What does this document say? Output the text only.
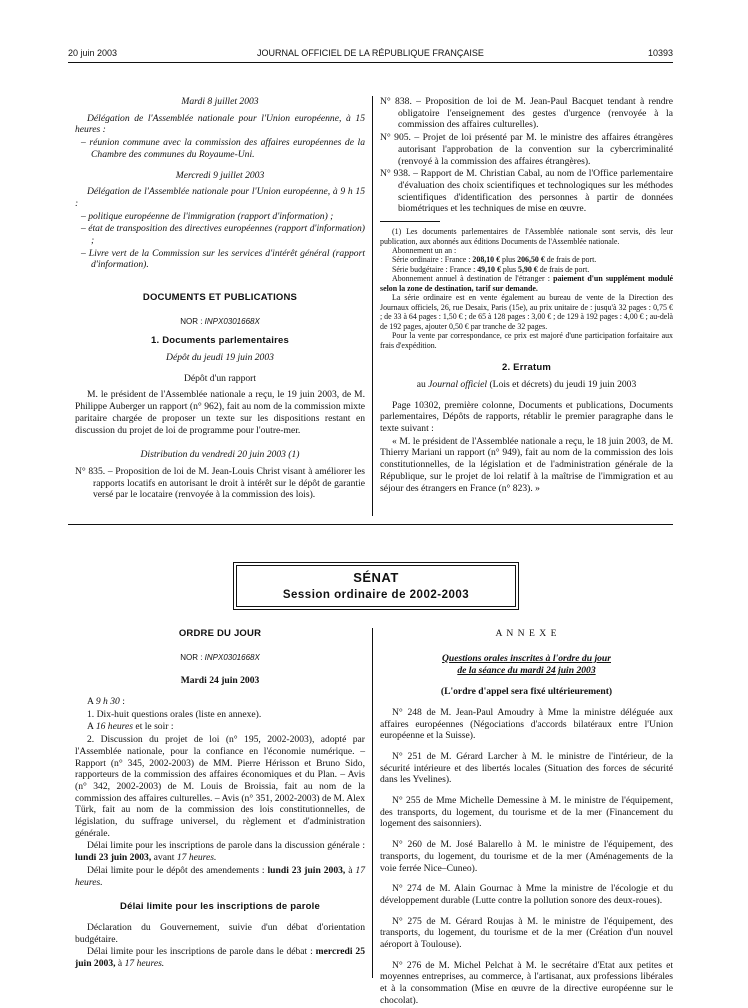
20 juin 2003	JOURNAL OFFICIEL DE LA RÉPUBLIQUE FRANÇAISE	10393

Mardi 8 juillet 2003

Délégation de l'Assemblée nationale pour l'Union européenne, à 15 heures :

– réunion commune avec la commission des affaires européennes de la Chambre des communes du Royaume-Uni.

Mercredi 9 juillet 2003

Délégation de l'Assemblée nationale pour l'Union européenne, à 9 h 15 :

– politique européenne de l'immigration (rapport d'information) ;

– état de transposition des directives européennes (rapport d'information) ;

– Livre vert de la Commission sur les services d'intérêt général (rapport d'information).

DOCUMENTS ET PUBLICATIONS

NOR : INPX0301668X

1. Documents parlementaires

Dépôt du jeudi 19 juin 2003

Dépôt d'un rapport

M. le président de l'Assemblée nationale a reçu, le 19 juin 2003, de M. Philippe Auberger un rapport (n° 962), fait au nom de la commission mixte paritaire chargée de proposer un texte sur les dispositions restant en discussion du projet de loi de programme pour l'outre-mer.

Distribution du vendredi 20 juin 2003 (1)

N° 835. – Proposition de loi de M. Jean-Louis Christ visant à améliorer les rapports locatifs en autorisant le droit à intérêt sur le dépôt de garantie versé par le locataire (renvoyée à la commission des lois).

N° 838. – Proposition de loi de M. Jean-Paul Bacquet tendant à rendre obligatoire l'enseignement des gestes d'urgence (renvoyée à la commission des affaires culturelles).

N° 905. – Projet de loi présenté par M. le ministre des affaires étrangères autorisant l'approbation de la convention sur la cybercriminalité (renvoyé à la commission des affaires étrangères).

N° 938. – Rapport de M. Christian Cabal, au nom de l'Office parlementaire d'évaluation des choix scientifiques et technologiques sur les méthodes scientifiques d'identification des personnes à partir de données biométriques et les techniques de mise en œuvre.

(1) Les documents parlementaires de l'Assemblée nationale sont servis, dès leur publication, aux abonnés aux éditions Documents de l'Assemblée nationale.

Abonnement un an :

Série ordinaire : France : 208,10 € plus 206,50 € de frais de port.

Série budgétaire : France : 49,10 € plus 5,90 € de frais de port.

Abonnement annuel à destination de l'étranger : paiement d'un supplément modulé selon la zone de destination, tarif sur demande.

La série ordinaire est en vente également au bureau de vente de la Direction des Journaux officiels, 26, rue Desaix, Paris (15e), au prix unitaire de : jusqu'à 32 pages : 0,75 € ; de 33 à 64 pages : 1,50 € ; de 65 à 128 pages : 3,00 € ; de 129 à 192 pages : 4,00 € ; au-delà de 192 pages, ajouter 0,50 € par tranche de 32 pages.

Pour la vente par correspondance, ce prix est majoré d'une participation forfaitaire aux frais d'expédition.

2. Erratum

au Journal officiel (Lois et décrets) du jeudi 19 juin 2003

Page 10302, première colonne, Documents et publications, Documents parlementaires, Dépôts de rapports, rétablir le premier paragraphe dans le texte suivant :

« M. le président de l'Assemblée nationale a reçu, le 18 juin 2003, de M. Thierry Mariani un rapport (n° 949), fait au nom de la commission des lois constitutionnelles, de la législation et de l'administration générale de la République, sur le projet de loi relatif à la maîtrise de l'immigration et au séjour des étrangers en France (n° 823). »

SÉNAT
Session ordinaire de 2002-2003

ORDRE DU JOUR

NOR : INPX0301668X

Mardi 24 juin 2003

A 9 h 30 :

1. Dix-huit questions orales (liste en annexe).

A 16 heures et le soir :

2. Discussion du projet de loi (n° 195, 2002-2003), adopté par l'Assemblée nationale, pour la confiance en l'économie numérique. – Rapport (n° 345, 2002-2003) de MM. Pierre Hérisson et Bruno Sido, rapporteurs de la commission des affaires économiques et du Plan. – Avis (n° 342, 2002-2003) de M. Louis de Broissia, fait au nom de la commission des affaires culturelles. – Avis (n° 351, 2002-2003) de M. Alex Türk, fait au nom de la commission des lois constitutionnelles, de législation, du suffrage universel, du règlement et d'administration générale.

Délai limite pour les inscriptions de parole dans la discussion générale : lundi 23 juin 2003, avant 17 heures.

Délai limite pour le dépôt des amendements : lundi 23 juin 2003, à 17 heures.

Délai limite pour les inscriptions de parole

Déclaration du Gouvernement, suivie d'un débat d'orientation budgétaire.

Délai limite pour les inscriptions de parole dans le débat : mercredi 25 juin 2003, à 17 heures.

A N N E X E

Questions orales inscrites à l'ordre du jour

de la séance du mardi 24 juin 2003

(L'ordre d'appel sera fixé ultérieurement)

N° 248 de M. Jean-Paul Amoudry à Mme la ministre déléguée aux affaires européennes (Négociations d'accords bilatéraux entre l'Union européenne et la Suisse).

N° 251 de M. Gérard Larcher à M. le ministre de l'intérieur, de la sécurité intérieure et des libertés locales (Situation des forces de sécurité dans les Yvelines).

N° 255 de Mme Michelle Demessine à M. le ministre de l'équipement, des transports, du logement, du tourisme et de la mer (Financement du logement des saisonniers).

N° 260 de M. José Balarello à M. le ministre de l'équipement, des transports, du logement, du tourisme et de la mer (Aménagements de la voie ferrée Nice–Cuneo).

N° 274 de M. Alain Gournac à Mme la ministre de l'écologie et du développement durable (Lutte contre la pollution sonore des deux-roues).

N° 275 de M. Gérard Roujas à M. le ministre de l'équipement, des transports, du logement, du tourisme et de la mer (Création d'un nouvel aéroport à Toulouse).

N° 276 de M. Michel Pelchat à M. le secrétaire d'Etat aux petites et moyennes entreprises, au commerce, à l'artisanat, aux professions libérales et à la consommation (Mise en œuvre de la directive européenne sur le chocolat).
